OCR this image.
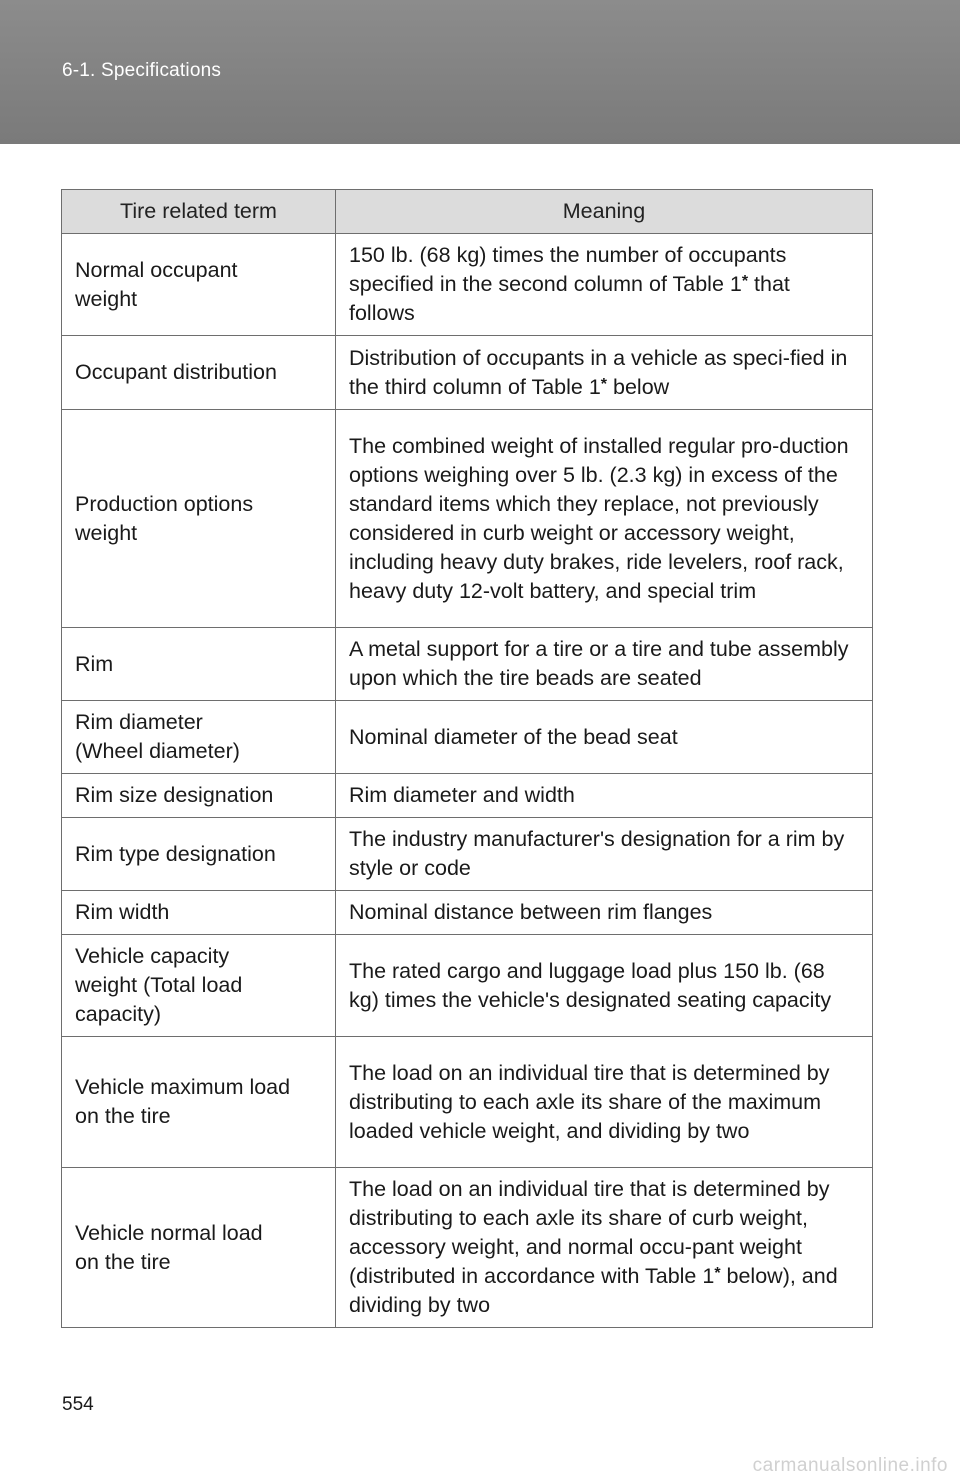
6-1. Specifications
Tire related term	Meaning
Normal occupant
weight	150 lb. (68 kg) times the number of occupants specified in the second column of Table 1* that follows
Occupant distribution	Distribution of occupants in a vehicle as speci-fied in the third column of Table 1* below
Production options
weight	The combined weight of installed regular pro-duction options weighing over 5 lb. (2.3 kg) in excess of the standard items which they replace, not previously considered in curb weight or accessory weight, including heavy duty brakes, ride levelers, roof rack, heavy duty 12-volt battery, and special trim
Rim	A metal support for a tire or a tire and tube assembly upon which the tire beads are seated
Rim diameter
(Wheel diameter)	Nominal diameter of the bead seat
Rim size designation	Rim diameter and width
Rim type designation	The industry manufacturer's designation for a rim by style or code
Rim width	Nominal distance between rim flanges
Vehicle capacity
weight (Total load
capacity)	The rated cargo and luggage load plus 150 lb. (68 kg) times the vehicle's designated seating capacity
Vehicle maximum load
on the tire	The load on an individual tire that is determined by distributing to each axle its share of the maximum loaded vehicle weight, and dividing by two
Vehicle normal load
on the tire	The load on an individual tire that is determined by distributing to each axle its share of curb weight, accessory weight, and normal occu-pant weight (distributed in accordance with Table 1* below), and dividing by two
554
carmanualsonline.info
